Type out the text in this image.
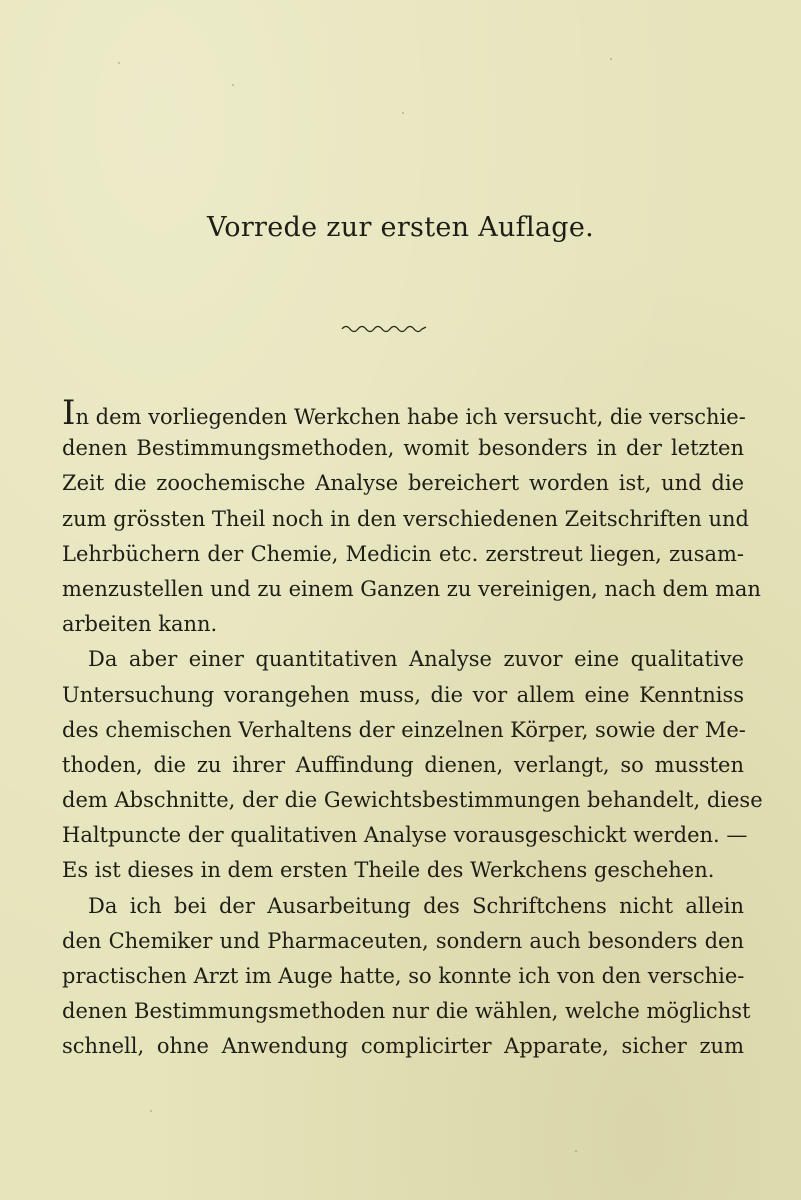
Vorrede zur ersten Auflage.
In dem vorliegenden Werkchen habe ich versucht, die verschie-
denen Bestimmungsmethoden, womit besonders in der letzten
Zeit die zoochemische Analyse bereichert worden ist, und die
zum grössten Theil noch in den verschiedenen Zeitschriften und
Lehrbüchern der Chemie, Medicin etc. zerstreut liegen, zusam-
menzustellen und zu einem Ganzen zu vereinigen, nach dem man
arbeiten kann.
Da aber einer quantitativen Analyse zuvor eine qualitative
Untersuchung vorangehen muss, die vor allem eine Kenntniss
des chemischen Verhaltens der einzelnen Körper, sowie der Me-
thoden, die zu ihrer Auffindung dienen, verlangt, so mussten
dem Abschnitte, der die Gewichtsbestimmungen behandelt, diese
Haltpuncte der qualitativen Analyse vorausgeschickt werden. —
Es ist dieses in dem ersten Theile des Werkchens geschehen.
Da ich bei der Ausarbeitung des Schriftchens nicht allein
den Chemiker und Pharmaceuten, sondern auch besonders den
practischen Arzt im Auge hatte, so konnte ich von den verschie-
denen Bestimmungsmethoden nur die wählen, welche möglichst
schnell, ohne Anwendung complicirter Apparate, sicher zum
